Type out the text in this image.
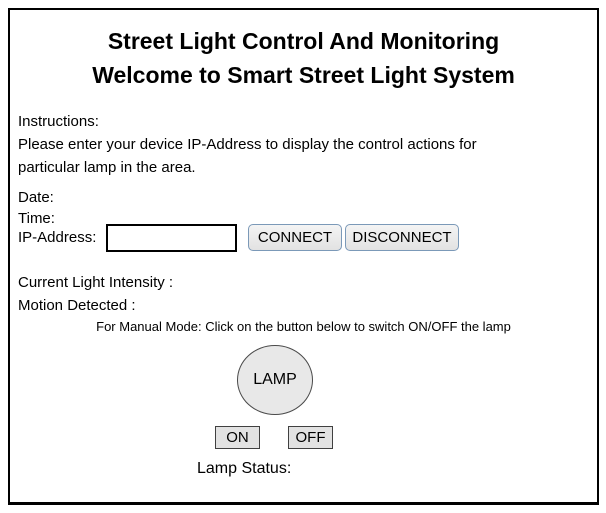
Street Light Control And Monitoring
Welcome to Smart Street Light System
Instructions:
Please enter your device IP-Address to display the control actions for
particular lamp in the area.
Date:
Time:
IP-Address:	CONNECT	DISCONNECT
Current Light Intensity :
Motion Detected :
For Manual Mode: Click on the button below to switch ON/OFF the lamp
LAMP
ON	OFF
Lamp Status:
